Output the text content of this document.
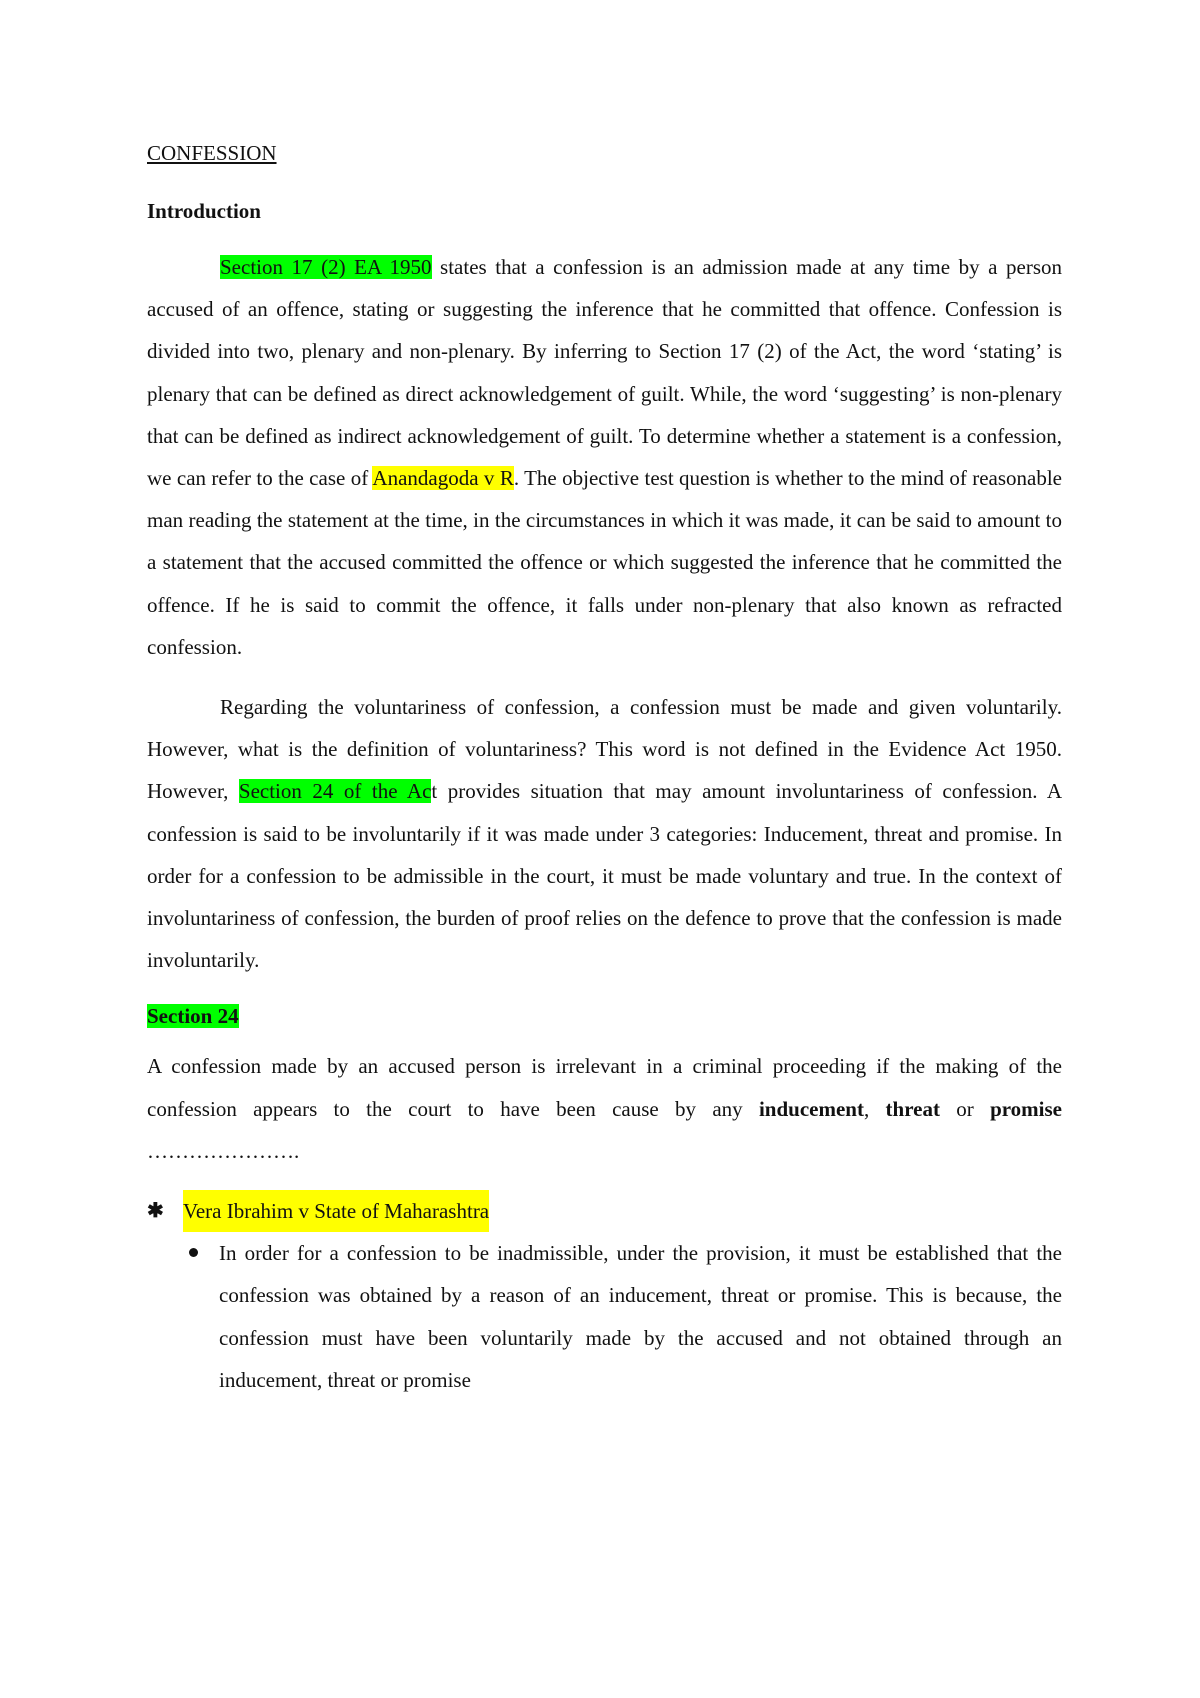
CONFESSION
Introduction

Section 17 (2) EA 1950 states that a confession is an admission made at any time by a person accused of an offence, stating or suggesting the inference that he committed that offence. Confession is divided into two, plenary and non-plenary. By inferring to Section 17 (2) of the Act, the word ‘stating’ is plenary that can be defined as direct acknowledgement of guilt. While, the word ‘suggesting’ is non-plenary that can be defined as indirect acknowledgement of guilt. To determine whether a statement is a confession, we can refer to the case of Anandagoda v R. The objective test question is whether to the mind of reasonable man reading the statement at the time, in the circumstances in which it was made, it can be said to amount to a statement that the accused committed the offence or which suggested the inference that he committed the offence. If he is said to commit the offence, it falls under non-plenary that also known as refracted confession.

Regarding the voluntariness of confession, a confession must be made and given voluntarily. However, what is the definition of voluntariness? This word is not defined in the Evidence Act 1950. However, Section 24 of the Act provides situation that may amount involuntariness of confession. A confession is said to be involuntarily if it was made under 3 categories: Inducement, threat and promise. In order for a confession to be admissible in the court, it must be made voluntary and true. In the context of involuntariness of confession, the burden of proof relies on the defence to prove that the confession is made involuntarily.

Section 24

A confession made by an accused person is irrelevant in a criminal proceeding if the making of the confession appears to the court to have been cause by any inducement, threat or promise ………………….

✱ Vera Ibrahim v State of Maharashtra

In order for a confession to be inadmissible, under the provision, it must be established that the confession was obtained by a reason of an inducement, threat or promise. This is because, the confession must have been voluntarily made by the accused and not obtained through an inducement, threat or promise
